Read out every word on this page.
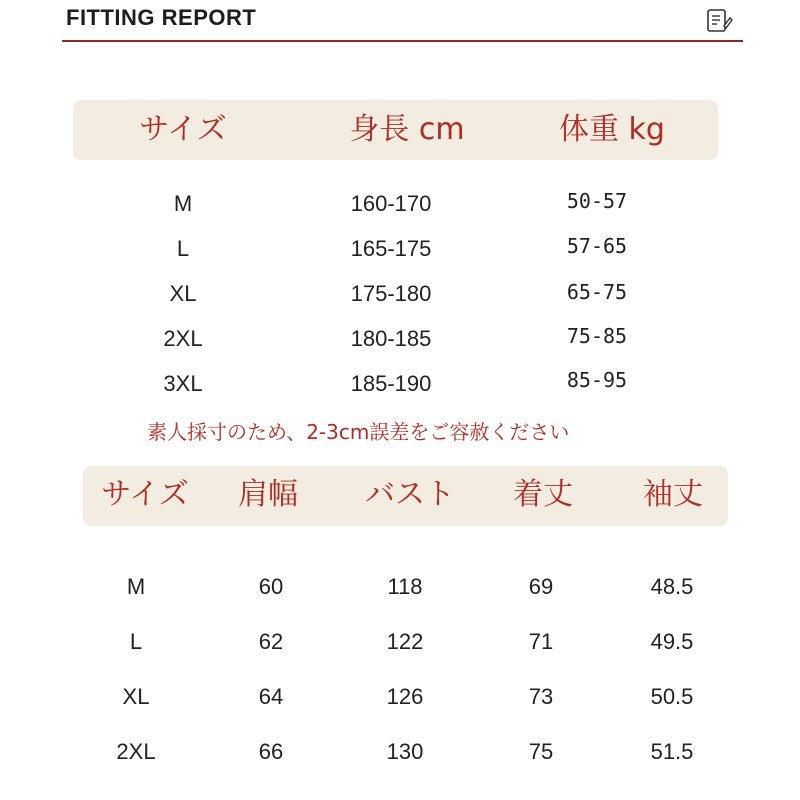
FITTING REPORT
サイズ	身長 cm	体重 kg
M	160-170	50-57
L	165-175	57-65
XL	175-180	65-75
2XL	180-185	75-85
3XL	185-190	85-95
素人採寸のため、2-3cm誤差をご容赦ください
サイズ 肩幅 バスト 着丈 袖丈
M	60	118	69	48.5
L	62	122	71	49.5
XL	64	126	73	50.5
2XL	66	130	75	51.5
